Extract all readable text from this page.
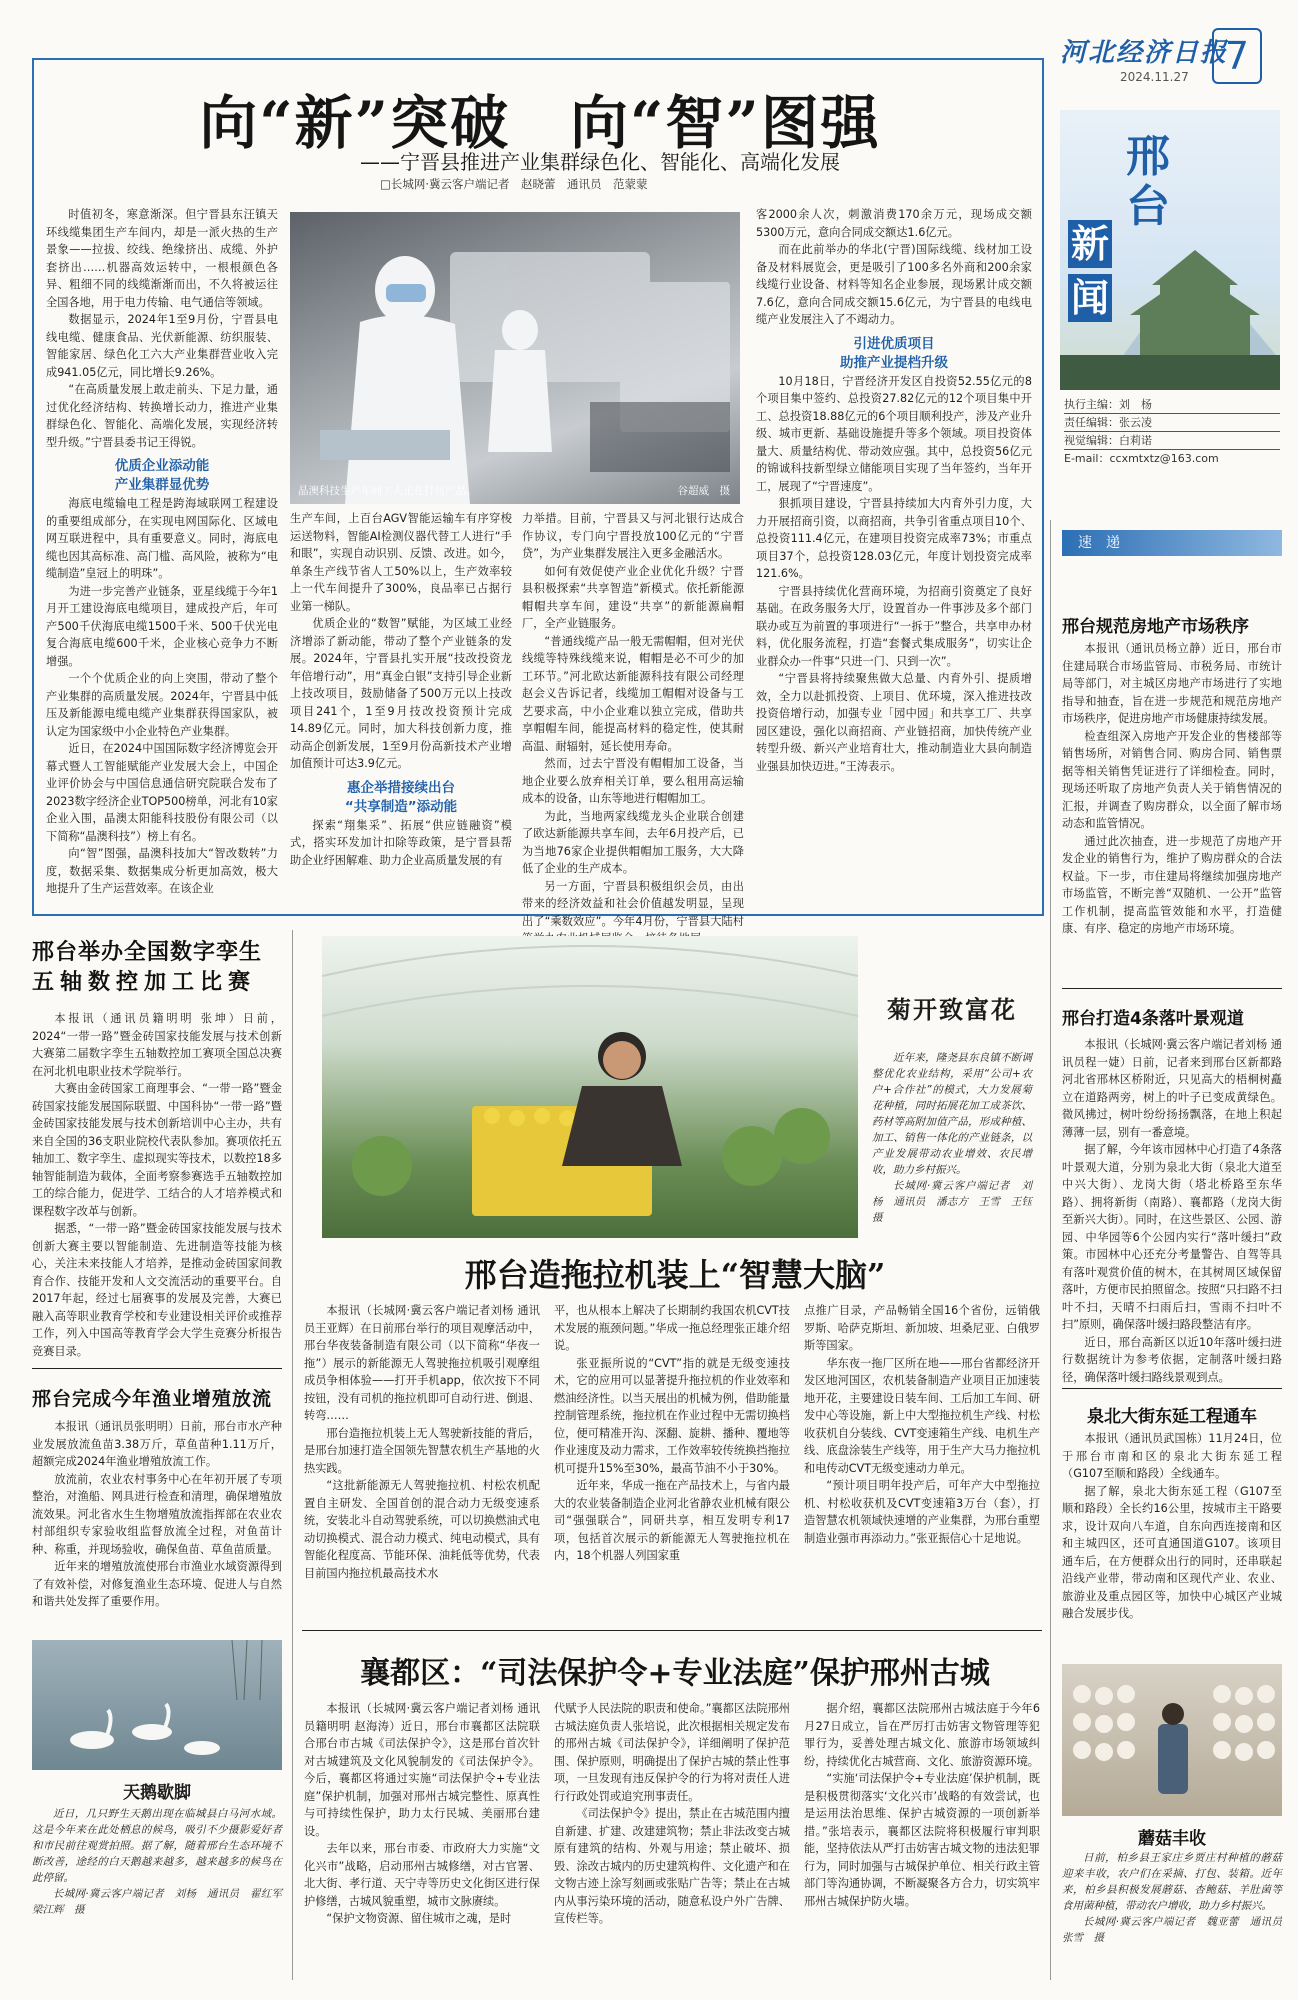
河北经济日报
2024.11.27 7
邢
台
新
闻
执行主编：刘　杨
责任编辑：张云凌
视觉编辑：白莉诺
E-mail：ccxmtxtz@163.com
向“新”突破　向“智”图强
——宁晋县推进产业集群绿色化、智能化、高端化发展
□长城网·冀云客户端记者　赵晓蕾　通讯员　范蒙蒙
晶澳科技生产车间工人正在打包产品。	谷超威　摄

时值初冬，寒意渐深。但宁晋县东汪镇天环线缆集团生产车间内，却是一派火热的生产景象——拉拔、绞线、绝缘挤出、成缆、外护套挤出……机器高效运转中，一根根颜色各异、粗细不同的线缆渐渐而出，不久将被运往全国各地，用于电力传输、电气通信等领域。

数据显示，2024年1至9月份，宁晋县电线电缆、健康食品、光伏新能源、纺织服装、智能家居、绿色化工六大产业集群营业收入完成941.05亿元，同比增长9.26%。

“在高质量发展上敢走前头、下足力量，通过优化经济结构、转换增长动力，推进产业集群绿色化、智能化、高端化发展，实现经济转型升级。”宁晋县委书记王得锐。

优质企业添动能
产业集群显优势

海底电缆输电工程是跨海域联网工程建设的重要组成部分，在实现电网国际化、区域电网互联进程中，具有重要意义。同时，海底电缆也因其高标准、高门槛、高风险，被称为“电缆制造”皇冠上的明珠”。

为进一步完善产业链条，亚星线缆于今年1月开工建设海底电缆项目，建成投产后，年可产500千伏海底电缆1500千米、500千伏光电复合海底电缆600千米，企业核心竞争力不断增强。

一个个优质企业的向上突围，带动了整个产业集群的高质量发展。2024年，宁晋县中低压及新能源电缆电缆产业集群获得国家队，被认定为国家级中小企业特色产业集群。

近日，在2024中国国际数字经济博览会开幕式暨人工智能赋能产业发展大会上，中国企业评价协会与中国信息通信研究院联合发布了2023数字经济企业TOP500榜单，河北有10家企业入围，晶澳太阳能科技股份有限公司（以下简称“晶澳科技”）榜上有名。

向“智”图强，晶澳科技加大“智改数转”力度，数据采集、数据集成分析更加高效，极大地提升了生产运营效率。在该企业

生产车间，上百台AGV智能运输车有序穿梭运送物料，智能AI检测仪器代替工人进行“手和眼”，实现自动识别、反馈、改进。如今，单条生产线节省人工50%以上，生产效率较上一代车间提升了300%，良品率已占据行业第一梯队。

优质企业的“数智”赋能，为区域工业经济增添了新动能，带动了整个产业链条的发展。2024年，宁晋县扎实开展“技改投资龙年倍增行动”，用“真金白银”支持引导企业新上技改项目，鼓励储备了500万元以上技改项目241个，1至9月技改投资预计完成14.89亿元。同时，加大科技创新力度，推动高企创新发展，1至9月份高新技术产业增加值预计可达3.9亿元。

惠企举措接续出台
“共享制造”添动能

探索“翔集采”、拓展“供应链融资”模式，搭实环发加计扣除等政策，是宁晋县帮助企业纾困解难、助力企业高质量发展的有

力举措。目前，宁晋县又与河北银行达成合作协议，专门向宁晋投放100亿元的“宁晋贷”，为产业集群发展注入更多金融活水。

如何有效促使产业企业优化升级？宁晋县积极探索“共享智造”新模式。依托新能源帽帽共享车间，建设“共享”的新能源扁帽厂，全产业链服务。

“普通线缆产品一般无需帽帽，但对光伏线缆等特殊线缆来说，帽帽是必不可少的加工环节。”河北欧达新能源科技有限公司经理赵会义告诉记者，线缆加工帽帽对设备与工艺要求高，中小企业难以独立完成，借助共享帽帽车间，能提高材料的稳定性，使其耐高温、耐辐射，延长使用寿命。

然而，过去宁晋没有帽帽加工设备，当地企业要么放弃相关订单，要么租用高运输成本的设备，山东等地进行帽帽加工。

为此，当地两家线缆龙头企业联合创建了欧达新能源共享车间，去年6月投产后，已为当地76家企业提供帽帽加工服务，大大降低了企业的生产成本。

另一方面，宁晋县积极组织会员，由出带来的经济效益和社会价值越发明显，呈现出了“乘数效应”。今年4月份，宁晋县大陆村

客2000余人次，刺激消费170余万元，现场成交额5300万元，意向合同成交额达1.6亿元。

而在此前举办的华北(宁晋)国际线缆、线材加工设备及材料展览会，更是吸引了100多名外商和200余家线缆行业设备、材料等知名企业参展，现场累计成交额7.6亿，意向合同成交额15.6亿元，为宁晋县的电线电缆产业发展注入了不竭动力。

引进优质项目
助推产业提档升级

10月18日，宁晋经济开发区自投资52.55亿元的8个项目集中签约、总投资27.82亿元的12个项目集中开工、总投资18.88亿元的6个项目顺利投产，涉及产业升级、城市更新、基础设施提升等多个领域。项目投资体量大、质量结构优、带动效应强。其中，总投资56亿元的锦诚科技新型绿立储能项目实现了当年签约，当年开工，展现了“宁晋速度”。

狠抓项目建设，宁晋县持续加大内育外引力度，大力开展招商引资，以商招商，共争引省重点项目10个、总投资111.4亿元，在建项目投资完成率73%；市重点项目37个，总投资128.03亿元，年度计划投资完成率121.6%。

宁晋县持续优化营商环境，为招商引资奠定了良好基础。在政务服务大厅，设置首办一件事涉及多个部门联办或互为前置的事项进行“一拆于”整合，共享申办材料，优化服务流程，打造“套餐式集成服务”，切实让企业群众办一件事“只进一门、只到一次”。

“宁晋县将持续聚焦做大总量、内育外引、提质增效，全力以赴抓投资、上项目、优环境，深入推进技改投资倍增行动，加强专业「园中园」和共享工厂、共享园区建设，强化以商招商、产业链招商，加快传统产业转型升级、新兴产业培育壮大，推动制造业大县向制造业强县加快迈进。”王涛表示。

速　递
邢台规范房地产市场秩序

本报讯（通讯员杨立静）近日，邢台市住建局联合市场监管局、市税务局、市统计局等部门，对主城区房地产市场进行了实地指导和抽查，旨在进一步规范和规范房地产市场秩序，促进房地产市场健康持续发展。

检查组深入房地产开发企业的售楼部等销售场所，对销售合同、购房合同、销售票据等相关销售凭证进行了详细检查。同时，现场还听取了房地产负责人关于销售情况的汇报，并调查了购房群众，以全面了解市场动态和监管情况。

通过此次抽查，进一步规范了房地产开发企业的销售行为，维护了购房群众的合法权益。下一步，市住建局将继续加强房地产市场监管，不断完善“双随机、一公开”监管工作机制，提高监管效能和水平，打造健康、有序、稳定的房地产市场环境。

邢台打造4条落叶景观道

本报讯（长城网·冀云客户端记者刘杨 通讯员程一婕）日前，记者来到邢台区新都路河北省邢林区桥附近，只见高大的梧桐树矗立在道路两旁，树上的叶子已变成黄绿色。微风拂过，树叶纷纷扬扬飘落，在地上积起薄薄一层，别有一番意境。

据了解，今年该市园林中心打造了4条落叶景观大道，分别为泉北大街（泉北大道至中兴大街）、龙岗大街（塔北桥路至东华路）、拥将新街（南路）、襄都路（龙岗大街至新兴大街）。同时，在这些景区、公园、游园、中华园等6个公园内实行“落叶缓扫”政策。市园林中心还充分考量警告、自驾等具有落叶观赏价值的树木，在其树周区域保留落叶，方便市民拍照留念。按照“只扫路不扫叶不扫，天晴不扫雨后扫，雪雨不扫叶不扫”原则，确保落叶缓扫路段整洁有序。

近日，邢台高新区以近10年落叶缓扫进行数据统计为参考依据，定制落叶缓扫路径，确保落叶缓扫路线景观到点。

泉北大街东延工程通车

本报讯（通讯员武国栋）11月24日，位于邢台市南和区的泉北大街东延工程（G107至顺和路段）全线通车。

据了解，泉北大街东延工程（G107至顺和路段）全长约16公里，按城市主干路要求，设计双向八车道，自东向西连接南和区和主城四区，还可直通国道G107。该项目通车后，在方便群众出行的同时，还串联起沿线产业带，带动南和区现代产业、农业、旅游业及重点园区等，加快中心城区产业城融合发展步伐。

蘑菇丰收

日前，柏乡县王家庄乡贾庄村种植的蘑菇迎来丰收，农户们在采摘、打包、装箱。近年来，柏乡县积极发展蘑菇、杏鲍菇、羊肚菌等食用菌种植，带动农户增收，助力乡村振兴。

长城网·冀云客户端记者　魏亚蕾　通讯员　张雪　摄

邢台举办全国数字孪生
五轴数控加工比赛

本报讯（通讯员籍明明 张坤）日前，2024“一带一路”暨金砖国家技能发展与技术创新大赛第二届数字孪生五轴数控加工赛项全国总决赛在河北机电职业技术学院举行。

大赛由金砖国家工商理事会、“一带一路”暨金砖国家技能发展国际联盟、中国科协“一带一路”暨金砖国家技能发展与技术创新培训中心主办，共有来自全国的36支职业院校代表队参加。赛项依托五轴加工、数字孪生、虚拟现实等技术，以数控18多轴智能制造为载体，全面考察参赛选手五轴数控加工的综合能力，促进学、工结合的人才培养模式和课程数字改革与创新。

据悉，“一带一路”暨金砖国家技能发展与技术创新大赛主要以智能制造、先进制造等技能为核心，关注未来技能人才培养，是推动金砖国家间教育合作、技能开发和人文交流活动的重要平台。自2017年起，经过七届赛事的发展及完善，大赛已融入高等职业教育学校和专业建设相关评价或推荐工作，列入中国高等教育学会大学生竞赛分析报告竞赛目录。

邢台完成今年渔业增殖放流

本报讯（通讯员张明明）日前，邢台市水产种业发展放流鱼苗3.38万斤，草鱼苗种1.11万斤，超额完成2024年渔业增殖放流工作。

放流前，农业农村事务中心在年初开展了专项整治，对渔船、网具进行检查和清理，确保增殖放流效果。河北省水生生物增殖放流指挥部在农业农村部组织专家验收组监督放流全过程，对鱼苗计种、称重，并现场验收，确保鱼苗、草鱼苗质量。

近年来的增殖放流使邢台市渔业水域资源得到了有效补偿，对修复渔业生态环境、促进人与自然和谐共处发挥了重要作用。

天鹅歇脚

近日，几只野生天鹅出现在临城县白马河水域。这是今年来在此处栖息的候鸟，吸引不少摄影爱好者和市民前往观赏拍照。据了解，随着邢台生态环境不断改善，途经的白天鹅越来越多，越来越多的候鸟在此停留。

长城网·冀云客户端记者　刘杨　通讯员　翟红军　梁江辉　摄

菊开致富花

近年来，隆尧县东良镇不断调整优化农业结构，采用“公司+农户+合作社”的模式，大力发展菊花种植，同时拓展花加工成茶饮、药材等高附加值产品，形成种植、加工、销售一体化的产业链条，以产业发展带动农业增效、农民增收，助力乡村振兴。

长城网·冀云客户端记者　刘杨　通讯员　潘志方　王雪　王钰　摄

邢台造拖拉机装上“智慧大脑”

本报讯（长城网·冀云客户端记者刘杨 通讯员王亚辉）在日前邢台举行的项目观摩活动中，邢台华夜装备制造有限公司（以下简称“华夜一拖”）展示的新能源无人驾驶拖拉机吸引观摩组成员争相体验——打开手机app，依次按下不同按钮，没有司机的拖拉机即可自动行进、倒退、转弯……

邢台造拖拉机装上无人驾驶新技能的背后，是邢台加速打造全国领先智慧农机生产基地的火热实践。

“这批新能源无人驾驶拖拉机、村松农机配置自主研发、全国首创的混合动力无级变速系统，安装北斗自动驾驶系统，可以切换燃油式电动切换模式、混合动力模式、纯电动模式，具有智能化程度高、节能环保、油耗低等优势，代表目前国内拖拉机最高技术水

平，也从根本上解决了长期制约我国农机CVT技术发展的瓶颈问题。”华成一拖总经理张正雄介绍说。

张亚振所说的“CVT”指的就是无级变速技术，它的应用可以显著提升拖拉机的作业效率和燃油经济性。以当天展出的机械为例，借助能量控制管理系统，拖拉机在作业过程中无需切换档位，便可精准开沟、深翻、旋耕、播种、覆地等作业速度及动力需求，工作效率较传统换挡拖拉机可提升15%至30%，最高节油不小于30%。

近年来，华成一拖在产品技术上，与省内最大的农业装备制造企业河北省静农业机械有限公司“强强联合”，同研共享，相互发明专利17项，包括首次展示的新能源无人驾驶拖拉机在内，18个机器人列国家重

点推广目录，产品畅销全国16个省份，远销俄罗斯、哈萨克斯坦、新加坡、坦桑尼亚、白俄罗斯等国家。

华东夜一拖厂区所在地——邢台省都经济开发区地河国区，农机装备制造产业项目正加速装地开花，主要建设日装车间、工后加工车间、研发中心等设施，新上中大型拖拉机生产线、村松收获机自分装线、CVT变速箱生产线、电机生产线、底盘涂装生产线等，用于生产大马力拖拉机和电传动CVT无级变速动力单元。

“预计项目明年投产后，可年产大中型拖拉机、村松收获机及CVT变速箱3万台（套），打造智慧农机领域快速增的产业集群，为邢台重塑制造业强市再添动力。”张亚振信心十足地说。

襄都区：“司法保护令+专业法庭”保护邢州古城

本报讯（长城网·冀云客户端记者刘杨 通讯员籍明明 赵海涛）近日，邢台市襄都区法院联合邢台市古城《司法保护令》，这是邢台首次针对古城建筑及文化风貌制发的《司法保护令》。今后，襄都区将通过实施“司法保护令+专业法庭”保护机制，加强对邢州古城完整性、原真性与可持续性保护，助力太行民城、美丽邢台建设。

去年以来，邢台市委、市政府大力实施“文化兴市”战略，启动邢州古城修缮，对古官署、北大街、孝行道、天宁寺等历史文化街区进行保护修缮，古城风貌重塑，城市文脉赓续。

“保护文物资源、留住城市之魂，是时

代赋予人民法院的职责和使命。”襄都区法院邢州古城法庭负责人张培说，此次根据相关规定发布的邢州古城《司法保护令》，详细阐明了保护范围、保护原则，明确提出了保护古城的禁止性事项，一旦发现有违反保护令的行为将对责任人进行行政处罚或追究刑事责任。

《司法保护令》提出，禁止在古城范围内擅自新建、扩建、改建建筑物；禁止非法改变古城原有建筑的结构、外观与用途；禁止破坏、损毁、涂改古城内的历史建筑构件、文化遗产和在文物古迹上涂写刻画或张贴广告等；禁止在古城内从事污染环境的活动，随意私设户外广告牌、宣传栏等。

据介绍，襄都区法院邢州古城法庭于今年6月27日成立，旨在严厉打击妨害文物管理等犯罪行为，妥善处理古城文化、旅游市场领域纠纷，持续优化古城营商、文化、旅游资源环境。

“实施‘司法保护令+专业法庭’保护机制，既是积极贯彻落实‘文化兴市’战略的有效尝试，也是运用法治思维、保护古城资源的一项创新举措。”张培表示，襄都区法院将积极履行审判职能，坚持依法从严打击妨害古城文物的违法犯罪行为，同时加强与古城保护单位、相关行政主管部门等沟通协调，不断凝聚各方合力，切实筑牢邢州古城保护防火墙。
